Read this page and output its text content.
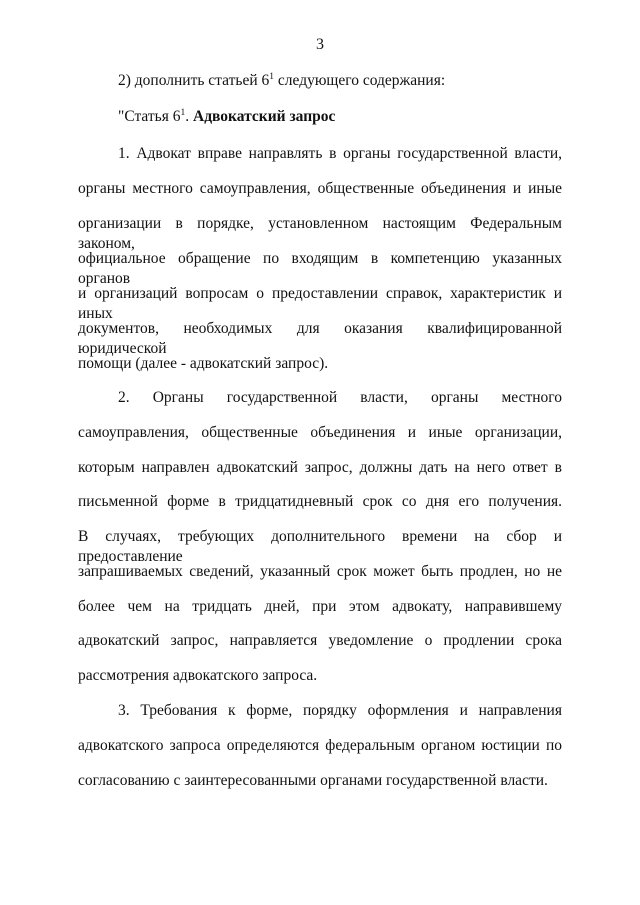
3
2) дополнить статьей $6^1$ следующего содержания:
"Статья $6^1$. Адвокатский запрос
1. Адвокат вправе направлять в органы государственной власти,
органы местного самоуправления, общественные объединения и иные
организации в порядке, установленном настоящим Федеральным законом,
официальное обращение по входящим в компетенцию указанных органов
и организаций вопросам о предоставлении справок, характеристик и иных
документов, необходимых для оказания квалифицированной юридической
помощи (далее - адвокатский запрос).
2. Органы государственной власти, органы местного
самоуправления, общественные объединения и иные организации,
которым направлен адвокатский запрос, должны дать на него ответ в
письменной форме в тридцатидневный срок со дня его получения.
В случаях, требующих дополнительного времени на сбор и предоставление
запрашиваемых сведений, указанный срок может быть продлен, но не
более чем на тридцать дней, при этом адвокату, направившему
адвокатский запрос, направляется уведомление о продлении срока
рассмотрения адвокатского запроса.
3. Требования к форме, порядку оформления и направления
адвокатского запроса определяются федеральным органом юстиции по
согласованию с заинтересованными органами государственной власти.
